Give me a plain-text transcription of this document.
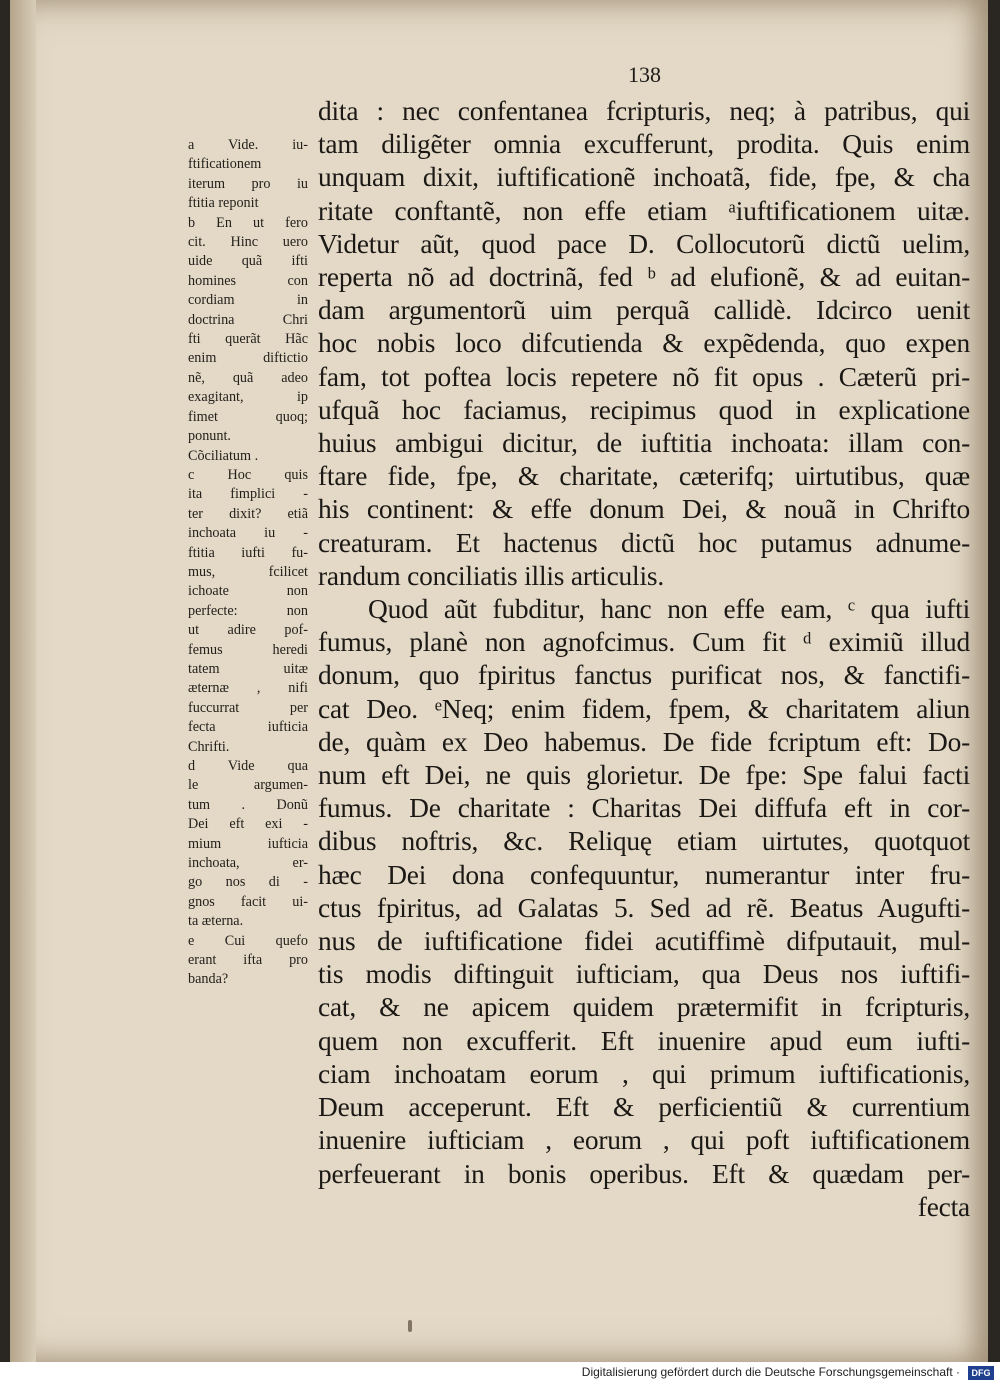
138
a Vide. iu-
ftificationem
iterum pro iu
ftitia reponit
b En ut fero
cit. Hinc uero
uide quã ifti
homines con
cordiam in
doctrina Chri
fti querãt Hãc
enim diftictio
nẽ, quã adeo
exagitant, ip
fimet quoq;
ponunt.
Cõciliatum .
c Hoc quis
ita fimplici -
ter dixit? etiã
inchoata iu -
ftitia iufti fu-
mus, fcilicet
ichoate non
perfecte: non
ut adire pof-
femus heredi
tatem uitæ
æternæ , nifi
fuccurrat per
fecta iufticia
Chrifti.
d Vide qua
le argumen-
tum . Donũ
Dei eft exi -
mium iufticia
inchoata, er-
go nos di -
gnos facit ui-
ta æterna.
e Cui quefo
erant ifta pro
banda?
dita : nec confentanea fcripturis, neq; à patribus, qui
tam diligẽter omnia excufferunt, prodita. Quis enim
unquam dixit, iuftificationẽ inchoatã, fide, fpe, & cha
ritate conftantẽ, non effe etiam ᵃiuftificationem uitæ.
Videtur aũt, quod pace D. Collocutorũ dictũ uelim,
reperta nõ ad doctrinã, fed ᵇ ad elufionẽ, & ad euitan-
dam argumentorũ uim perquã callidè. Idcirco uenit
hoc nobis loco difcutienda & expẽdenda, quo expen
fam, tot poftea locis repetere nõ fit opus . Cæterũ pri-
ufquã hoc faciamus, recipimus quod in explicatione
huius ambigui dicitur, de iuftitia inchoata: illam con-
ftare fide, fpe, & charitate, cæterifq; uirtutibus, quæ
his continent: & effe donum Dei, & nouã in Chrifto
creaturam. Et hactenus dictũ hoc putamus adnume-
randum conciliatis illis articulis.
Quod aũt fubditur, hanc non effe eam, ᶜ qua iufti
fumus, planè non agnofcimus. Cum fit ᵈ eximiũ illud
donum, quo fpiritus fanctus purificat nos, & fanctifi-
cat Deo. ᵉNeq; enim fidem, fpem, & charitatem aliun
de, quàm ex Deo habemus. De fide fcriptum eft: Do-
num eft Dei, ne quis glorietur. De fpe: Spe falui facti
fumus. De charitate : Charitas Dei diffufa eft in cor-
dibus noftris, &c. Reliquę etiam uirtutes, quotquot
hæc Dei dona confequuntur, numerantur inter fru-
ctus fpiritus, ad Galatas 5. Sed ad rẽ. Beatus Augufti-
nus de iuftificatione fidei acutiffimè difputauit, mul-
tis modis diftinguit iufticiam, qua Deus nos iuftifi-
cat, & ne apicem quidem prætermifit in fcripturis,
quem non excufferit. Eft inuenire apud eum iufti-
ciam inchoatam eorum , qui primum iuftificationis,
Deum acceperunt. Eft & perficientiũ & currentium
inuenire iufticiam , eorum , qui poft iuftificationem
perfeuerant in bonis operibus. Eft & quædam per-
fecta
Digitalisierung gefördert durch die Deutsche Forschungsgemeinschaft ·	DFG
